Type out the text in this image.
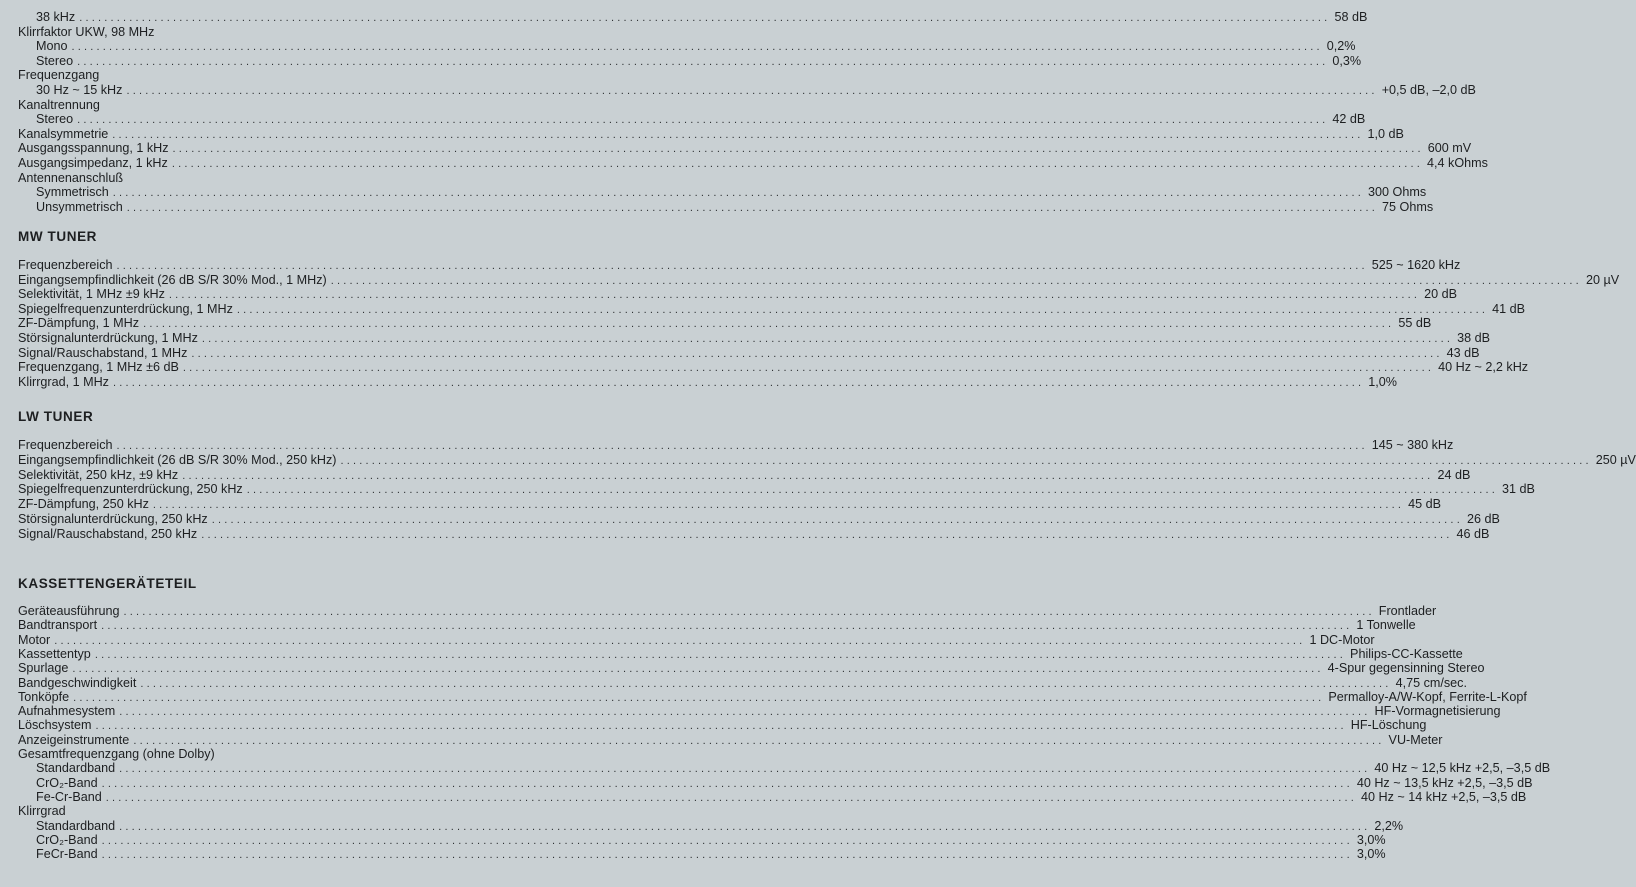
38 kHz ........................................................................................................................................................................................................ 58 dB
Klirrfaktor UKW, 98 MHz
Mono ........................................................................................................................................................................................................ 0,2%
Stereo ........................................................................................................................................................................................................ 0,3%
Frequenzgang
30 Hz ~ 15 kHz ........................................................................................................................................................................................................ +0,5 dB, –2,0 dB
Kanaltrennung
Stereo ........................................................................................................................................................................................................ 42 dB
Kanalsymmetrie ........................................................................................................................................................................................................ 1,0 dB
Ausgangsspannung, 1 kHz ........................................................................................................................................................................................................ 600 mV
Ausgangsimpedanz, 1 kHz ........................................................................................................................................................................................................ 4,4 kOhms
Antennenanschluß
Symmetrisch ........................................................................................................................................................................................................ 300 Ohms
Unsymmetrisch ........................................................................................................................................................................................................ 75 Ohms
MW TUNER
Frequenzbereich ........................................................................................................................................................................................................ 525 ~ 1620 kHz
Eingangsempfindlichkeit (26 dB S/R 30% Mod., 1 MHz) ........................................................................................................................................................................................................ 20 µV
Selektivität, 1 MHz ±9 kHz ........................................................................................................................................................................................................ 20 dB
Spiegelfrequenzunterdrückung, 1 MHz ........................................................................................................................................................................................................ 41 dB
ZF-Dämpfung, 1 MHz ........................................................................................................................................................................................................ 55 dB
Störsignalunterdrückung, 1 MHz ........................................................................................................................................................................................................ 38 dB
Signal/Rauschabstand, 1 MHz ........................................................................................................................................................................................................ 43 dB
Frequenzgang, 1 MHz ±6 dB ........................................................................................................................................................................................................ 40 Hz ~ 2,2 kHz
Klirrgrad, 1 MHz ........................................................................................................................................................................................................ 1,0%
LW TUNER
Frequenzbereich ........................................................................................................................................................................................................ 145 ~ 380 kHz
Eingangsempfindlichkeit (26 dB S/R 30% Mod., 250 kHz) ........................................................................................................................................................................................................ 250 µV
Selektivität, 250 kHz, ±9 kHz ........................................................................................................................................................................................................ 24 dB
Spiegelfrequenzunterdrückung, 250 kHz ........................................................................................................................................................................................................ 31 dB
ZF-Dämpfung, 250 kHz ........................................................................................................................................................................................................ 45 dB
Störsignalunterdrückung, 250 kHz ........................................................................................................................................................................................................ 26 dB
Signal/Rauschabstand, 250 kHz ........................................................................................................................................................................................................ 46 dB
KASSETTENGERÄTETEIL
Geräteausführung ........................................................................................................................................................................................................ Frontlader
Bandtransport ........................................................................................................................................................................................................ 1 Tonwelle
Motor ........................................................................................................................................................................................................ 1 DC-Motor
Kassettentyp ........................................................................................................................................................................................................ Philips-CC-Kassette
Spurlage ........................................................................................................................................................................................................ 4-Spur gegensinning Stereo
Bandgeschwindigkeit ........................................................................................................................................................................................................ 4,75 cm/sec.
Tonköpfe ........................................................................................................................................................................................................ Permalloy-A/W-Kopf, Ferrite-L-Kopf
Aufnahmesystem ........................................................................................................................................................................................................ HF-Vormagnetisierung
Löschsystem ........................................................................................................................................................................................................ HF-Löschung
Anzeigeinstrumente ........................................................................................................................................................................................................ VU-Meter
Gesamtfrequenzgang (ohne Dolby)
Standardband ........................................................................................................................................................................................................ 40 Hz ~ 12,5 kHz +2,5, –3,5 dB
CrO₂-Band ........................................................................................................................................................................................................ 40 Hz ~ 13,5 kHz +2,5, –3,5 dB
Fe-Cr-Band ........................................................................................................................................................................................................ 40 Hz ~ 14 kHz +2,5, –3,5 dB
Klirrgrad
Standardband ........................................................................................................................................................................................................ 2,2%
CrO₂-Band ........................................................................................................................................................................................................ 3,0%
FeCr-Band ........................................................................................................................................................................................................ 3,0%
